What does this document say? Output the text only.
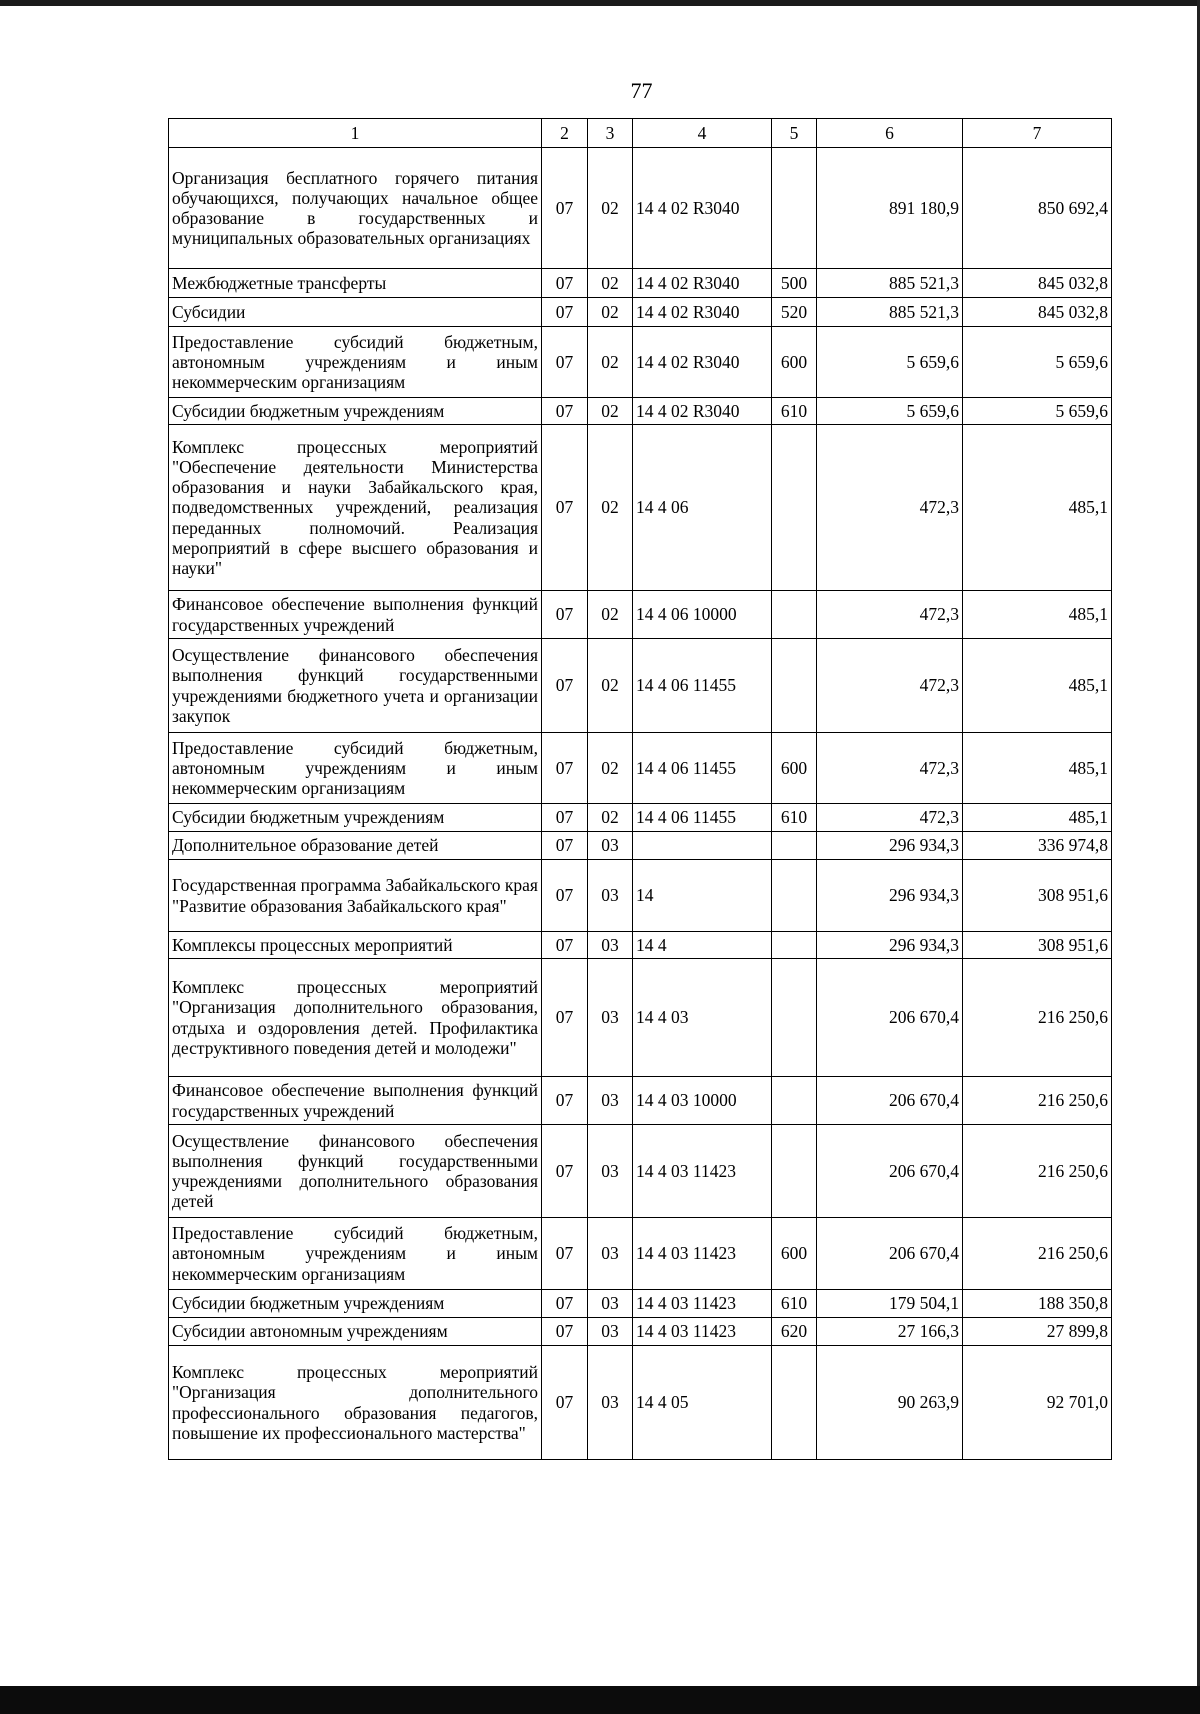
77
1	2	3	4	5	6	7
Организация бесплатного горячего питания обучающихся, получающих начальное общее образование в государственных и муниципальных образовательных организациях	07	02	14 4 02 R3040		891 180,9	850 692,4
Межбюджетные трансферты	07	02	14 4 02 R3040	500	885 521,3	845 032,8
Субсидии	07	02	14 4 02 R3040	520	885 521,3	845 032,8
Предоставление субсидий бюджетным, автономным учреждениям и иным некоммерческим организациям	07	02	14 4 02 R3040	600	5 659,6	5 659,6
Субсидии бюджетным учреждениям	07	02	14 4 02 R3040	610	5 659,6	5 659,6
Комплекс процессных мероприятий "Обеспечение деятельности Министерства образования и науки Забайкальского края, подведомственных учреждений, реализация переданных полномочий. Реализация мероприятий в сфере высшего образования и науки"	07	02	14 4 06		472,3	485,1
Финансовое обеспечение выполнения функций государственных учреждений	07	02	14 4 06 10000		472,3	485,1
Осуществление финансового обеспечения выполнения функций государственными учреждениями бюджетного учета и организации закупок	07	02	14 4 06 11455		472,3	485,1
Предоставление субсидий бюджетным, автономным учреждениям и иным некоммерческим организациям	07	02	14 4 06 11455	600	472,3	485,1
Субсидии бюджетным учреждениям	07	02	14 4 06 11455	610	472,3	485,1
Дополнительное образование детей	07	03			296 934,3	336 974,8
Государственная программа Забайкальского края "Развитие образования Забайкальского края"	07	03	14		296 934,3	308 951,6
Комплексы процессных мероприятий	07	03	14 4		296 934,3	308 951,6
Комплекс процессных мероприятий "Организация дополнительного образования, отдыха и оздоровления детей. Профилактика деструктивного поведения детей и молодежи"	07	03	14 4 03		206 670,4	216 250,6
Финансовое обеспечение выполнения функций государственных учреждений	07	03	14 4 03 10000		206 670,4	216 250,6
Осуществление финансового обеспечения выполнения функций государственными учреждениями дополнительного образования детей	07	03	14 4 03 11423		206 670,4	216 250,6
Предоставление субсидий бюджетным, автономным учреждениям и иным некоммерческим организациям	07	03	14 4 03 11423	600	206 670,4	216 250,6
Субсидии бюджетным учреждениям	07	03	14 4 03 11423	610	179 504,1	188 350,8
Субсидии автономным учреждениям	07	03	14 4 03 11423	620	27 166,3	27 899,8
Комплекс процессных мероприятий "Организация дополнительного профессионального образования педагогов, повышение их профессионального мастерства"	07	03	14 4 05		90 263,9	92 701,0
